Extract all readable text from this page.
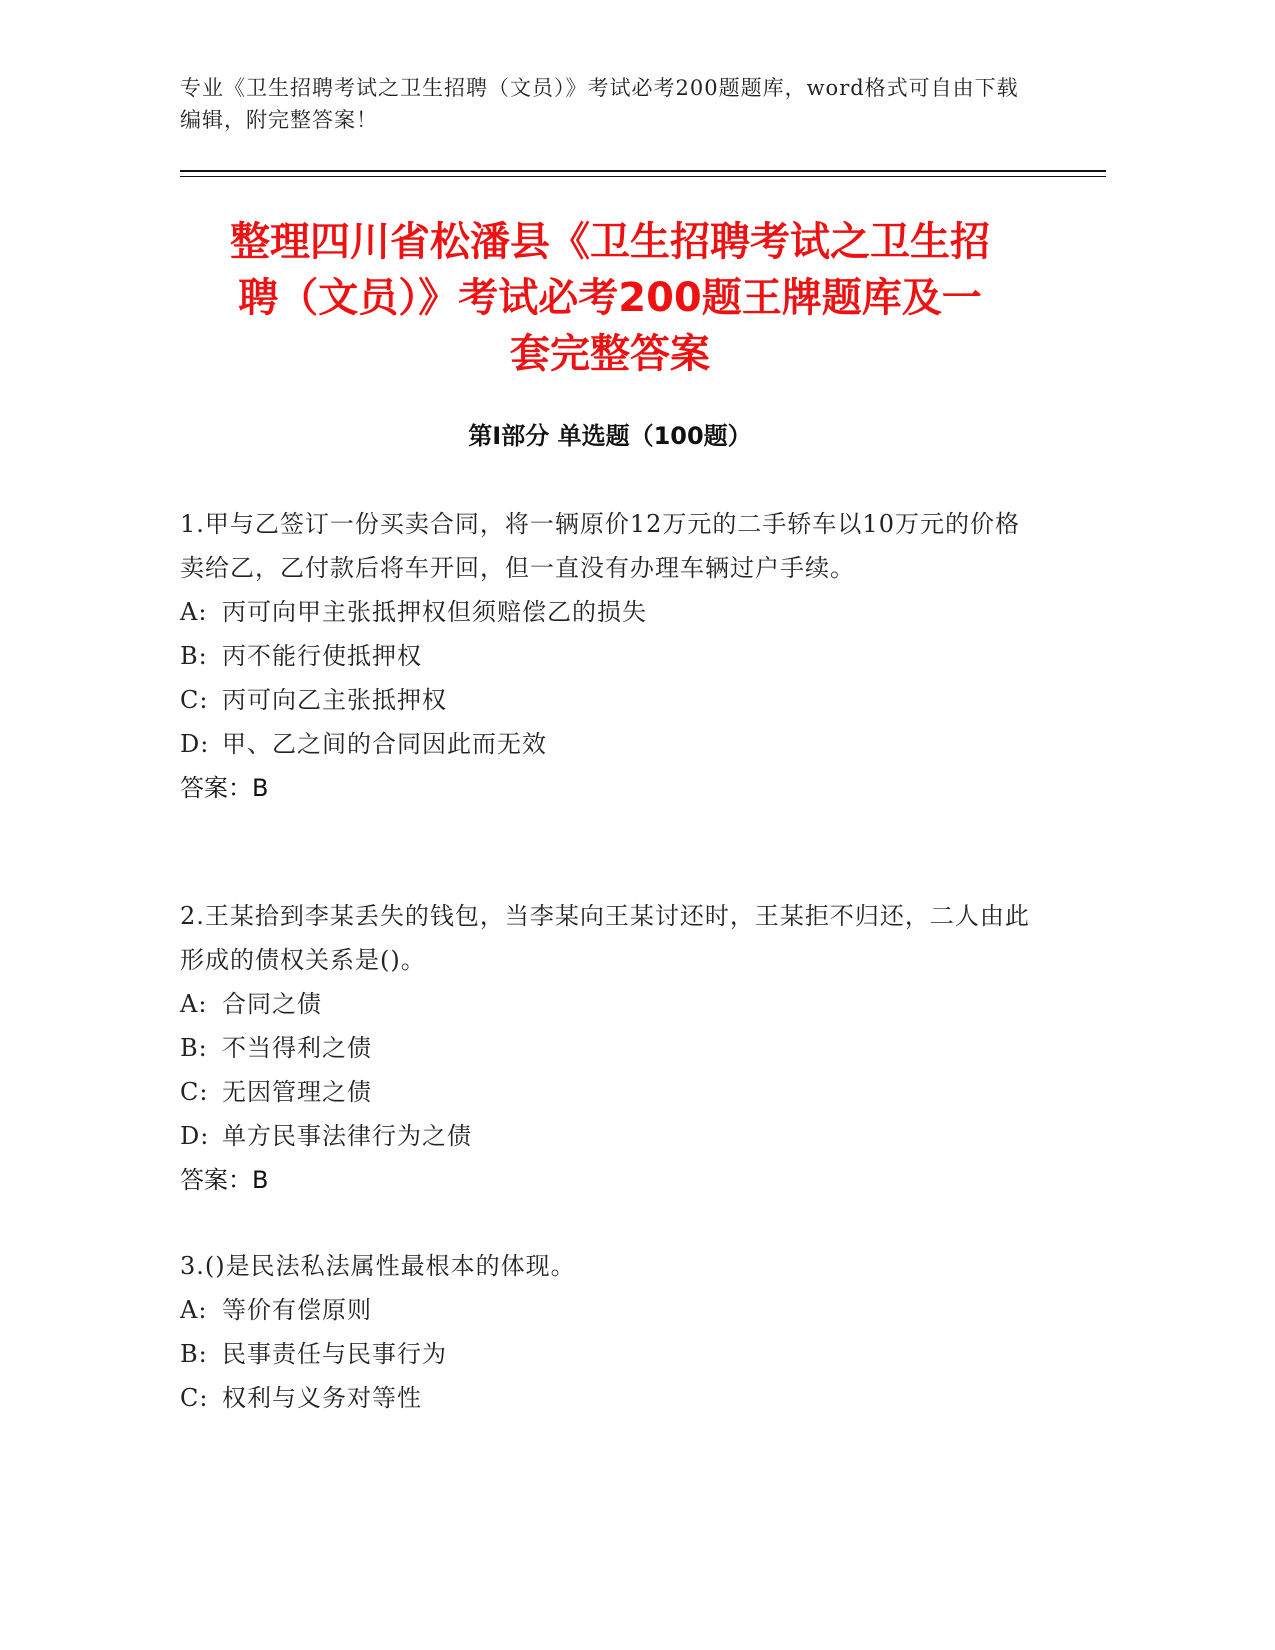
专业《卫生招聘考试之卫生招聘（文员）》考试必考200题题库，word格式可自由下载编辑，附完整答案！
整理四川省松潘县《卫生招聘考试之卫生招
聘（文员）》考试必考200题王牌题库及一
套完整答案
第Ⅰ部分 单选题（100题）

1.甲与乙签订一份买卖合同，将一辆原价12万元的二手轿车以10万元的价格卖给乙，乙付款后将车开回，但一直没有办理车辆过户手续。

A: 丙可向甲主张抵押权但须赔偿乙的损失

B: 丙不能行使抵押权

C: 丙可向乙主张抵押权

D: 甲、乙之间的合同因此而无效

答案：B

2.王某拾到李某丢失的钱包，当李某向王某讨还时，王某拒不归还，二人由此形成的债权关系是()。

A: 合同之债

B: 不当得利之债

C: 无因管理之债

D: 单方民事法律行为之债

答案：B

3.()是民法私法属性最根本的体现。

A: 等价有偿原则

B: 民事责任与民事行为

C: 权利与义务对等性
